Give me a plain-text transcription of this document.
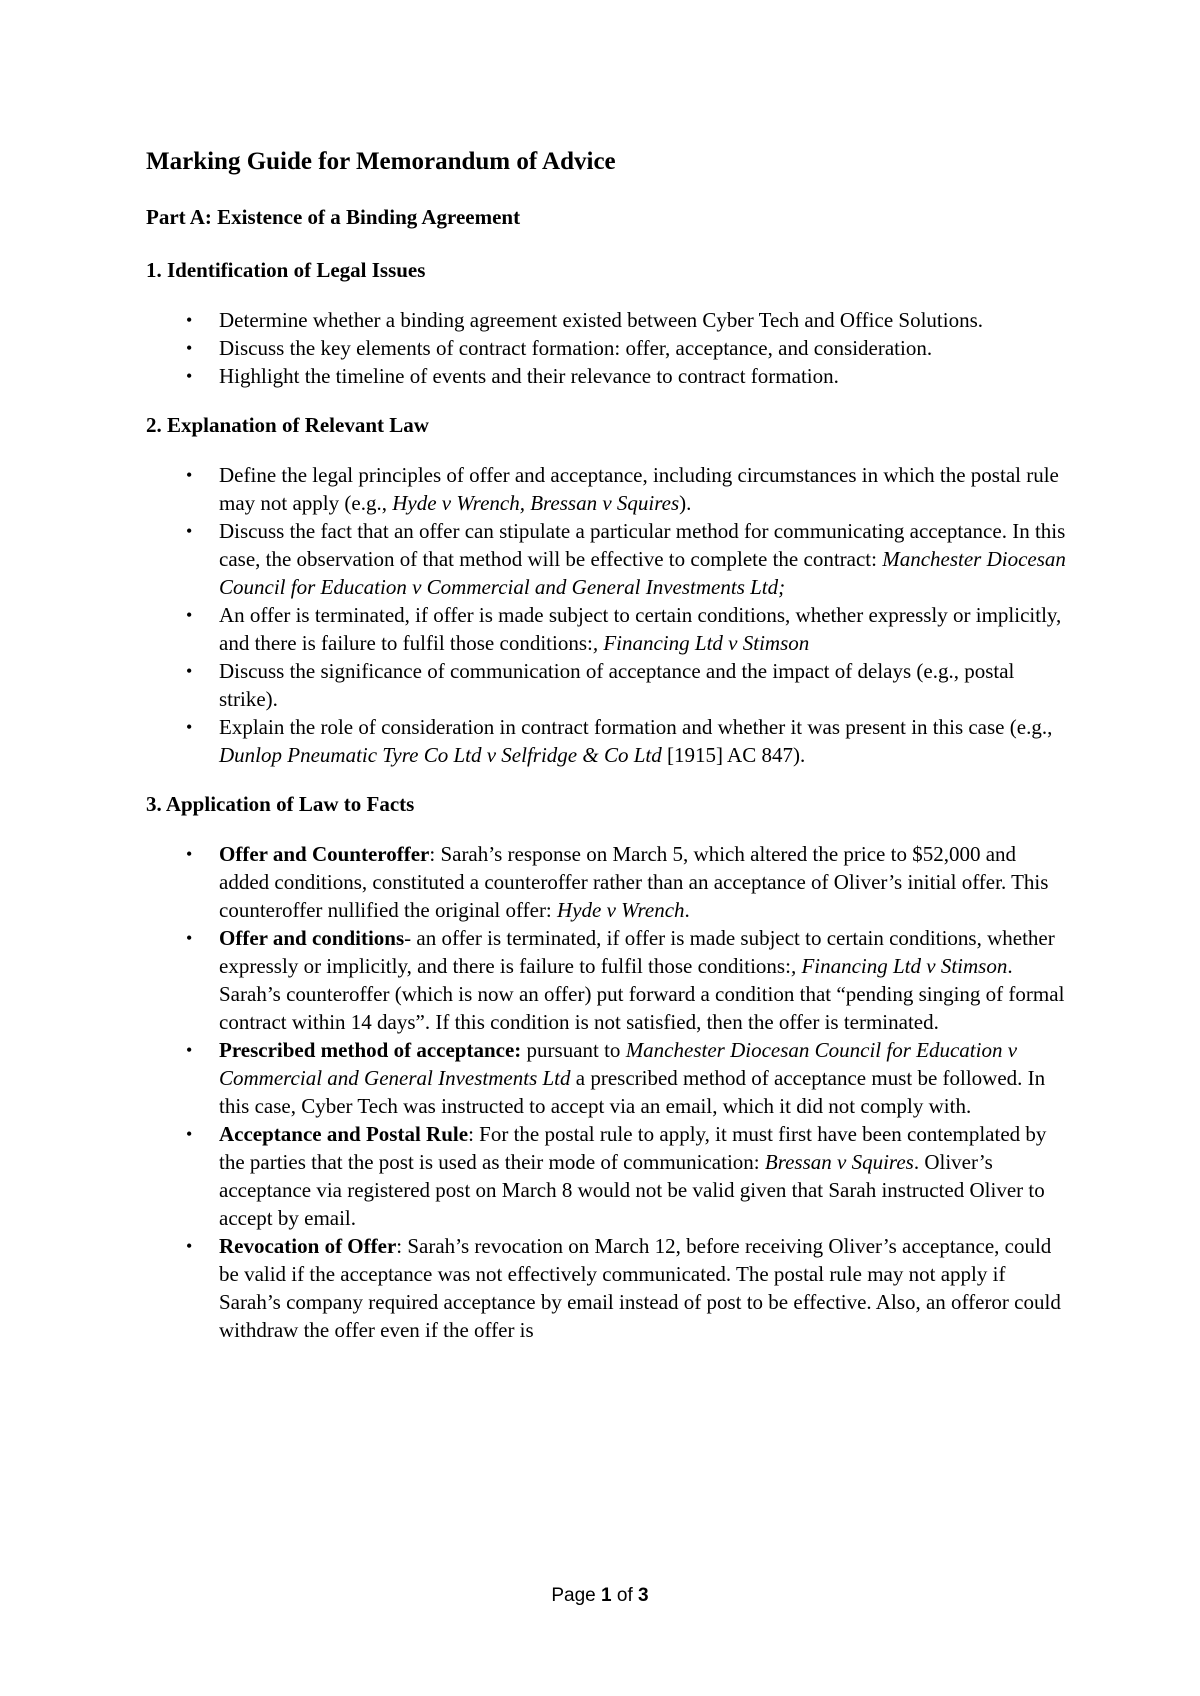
Marking Guide for Memorandum of Advice
Part A: Existence of a Binding Agreement
1. Identification of Legal Issues
• Determine whether a binding agreement existed between Cyber Tech and Office Solutions.
• Discuss the key elements of contract formation: offer, acceptance, and consideration.
• Highlight the timeline of events and their relevance to contract formation.
2. Explanation of Relevant Law
• Define the legal principles of offer and acceptance, including circumstances in which the postal rule may not apply (e.g., Hyde v Wrench, Bressan v Squires).
• Discuss the fact that an offer can stipulate a particular method for communicating acceptance. In this case, the observation of that method will be effective to complete the contract: Manchester Diocesan Council for Education v Commercial and General Investments Ltd;
• An offer is terminated, if offer is made subject to certain conditions, whether expressly or implicitly, and there is failure to fulfil those conditions:, Financing Ltd v Stimson
• Discuss the significance of communication of acceptance and the impact of delays (e.g., postal strike).
• Explain the role of consideration in contract formation and whether it was present in this case (e.g., Dunlop Pneumatic Tyre Co Ltd v Selfridge & Co Ltd [1915] AC 847).
3. Application of Law to Facts
• Offer and Counteroffer: Sarah’s response on March 5, which altered the price to $52,000 and added conditions, constituted a counteroffer rather than an acceptance of Oliver’s initial offer. This counteroffer nullified the original offer: Hyde v Wrench.
• Offer and conditions- an offer is terminated, if offer is made subject to certain conditions, whether expressly or implicitly, and there is failure to fulfil those conditions:, Financing Ltd v Stimson. Sarah’s counteroffer (which is now an offer) put forward a condition that “pending singing of formal contract within 14 days”. If this condition is not satisfied, then the offer is terminated.
• Prescribed method of acceptance: pursuant to Manchester Diocesan Council for Education v Commercial and General Investments Ltd a prescribed method of acceptance must be followed. In this case, Cyber Tech was instructed to accept via an email, which it did not comply with.
• Acceptance and Postal Rule: For the postal rule to apply, it must first have been contemplated by the parties that the post is used as their mode of communication: Bressan v Squires. Oliver’s acceptance via registered post on March 8 would not be valid given that Sarah instructed Oliver to accept by email.
• Revocation of Offer: Sarah’s revocation on March 12, before receiving Oliver’s acceptance, could be valid if the acceptance was not effectively communicated. The postal rule may not apply if Sarah’s company required acceptance by email instead of post to be effective. Also, an offeror could withdraw the offer even if the offer is
Page 1 of 3
